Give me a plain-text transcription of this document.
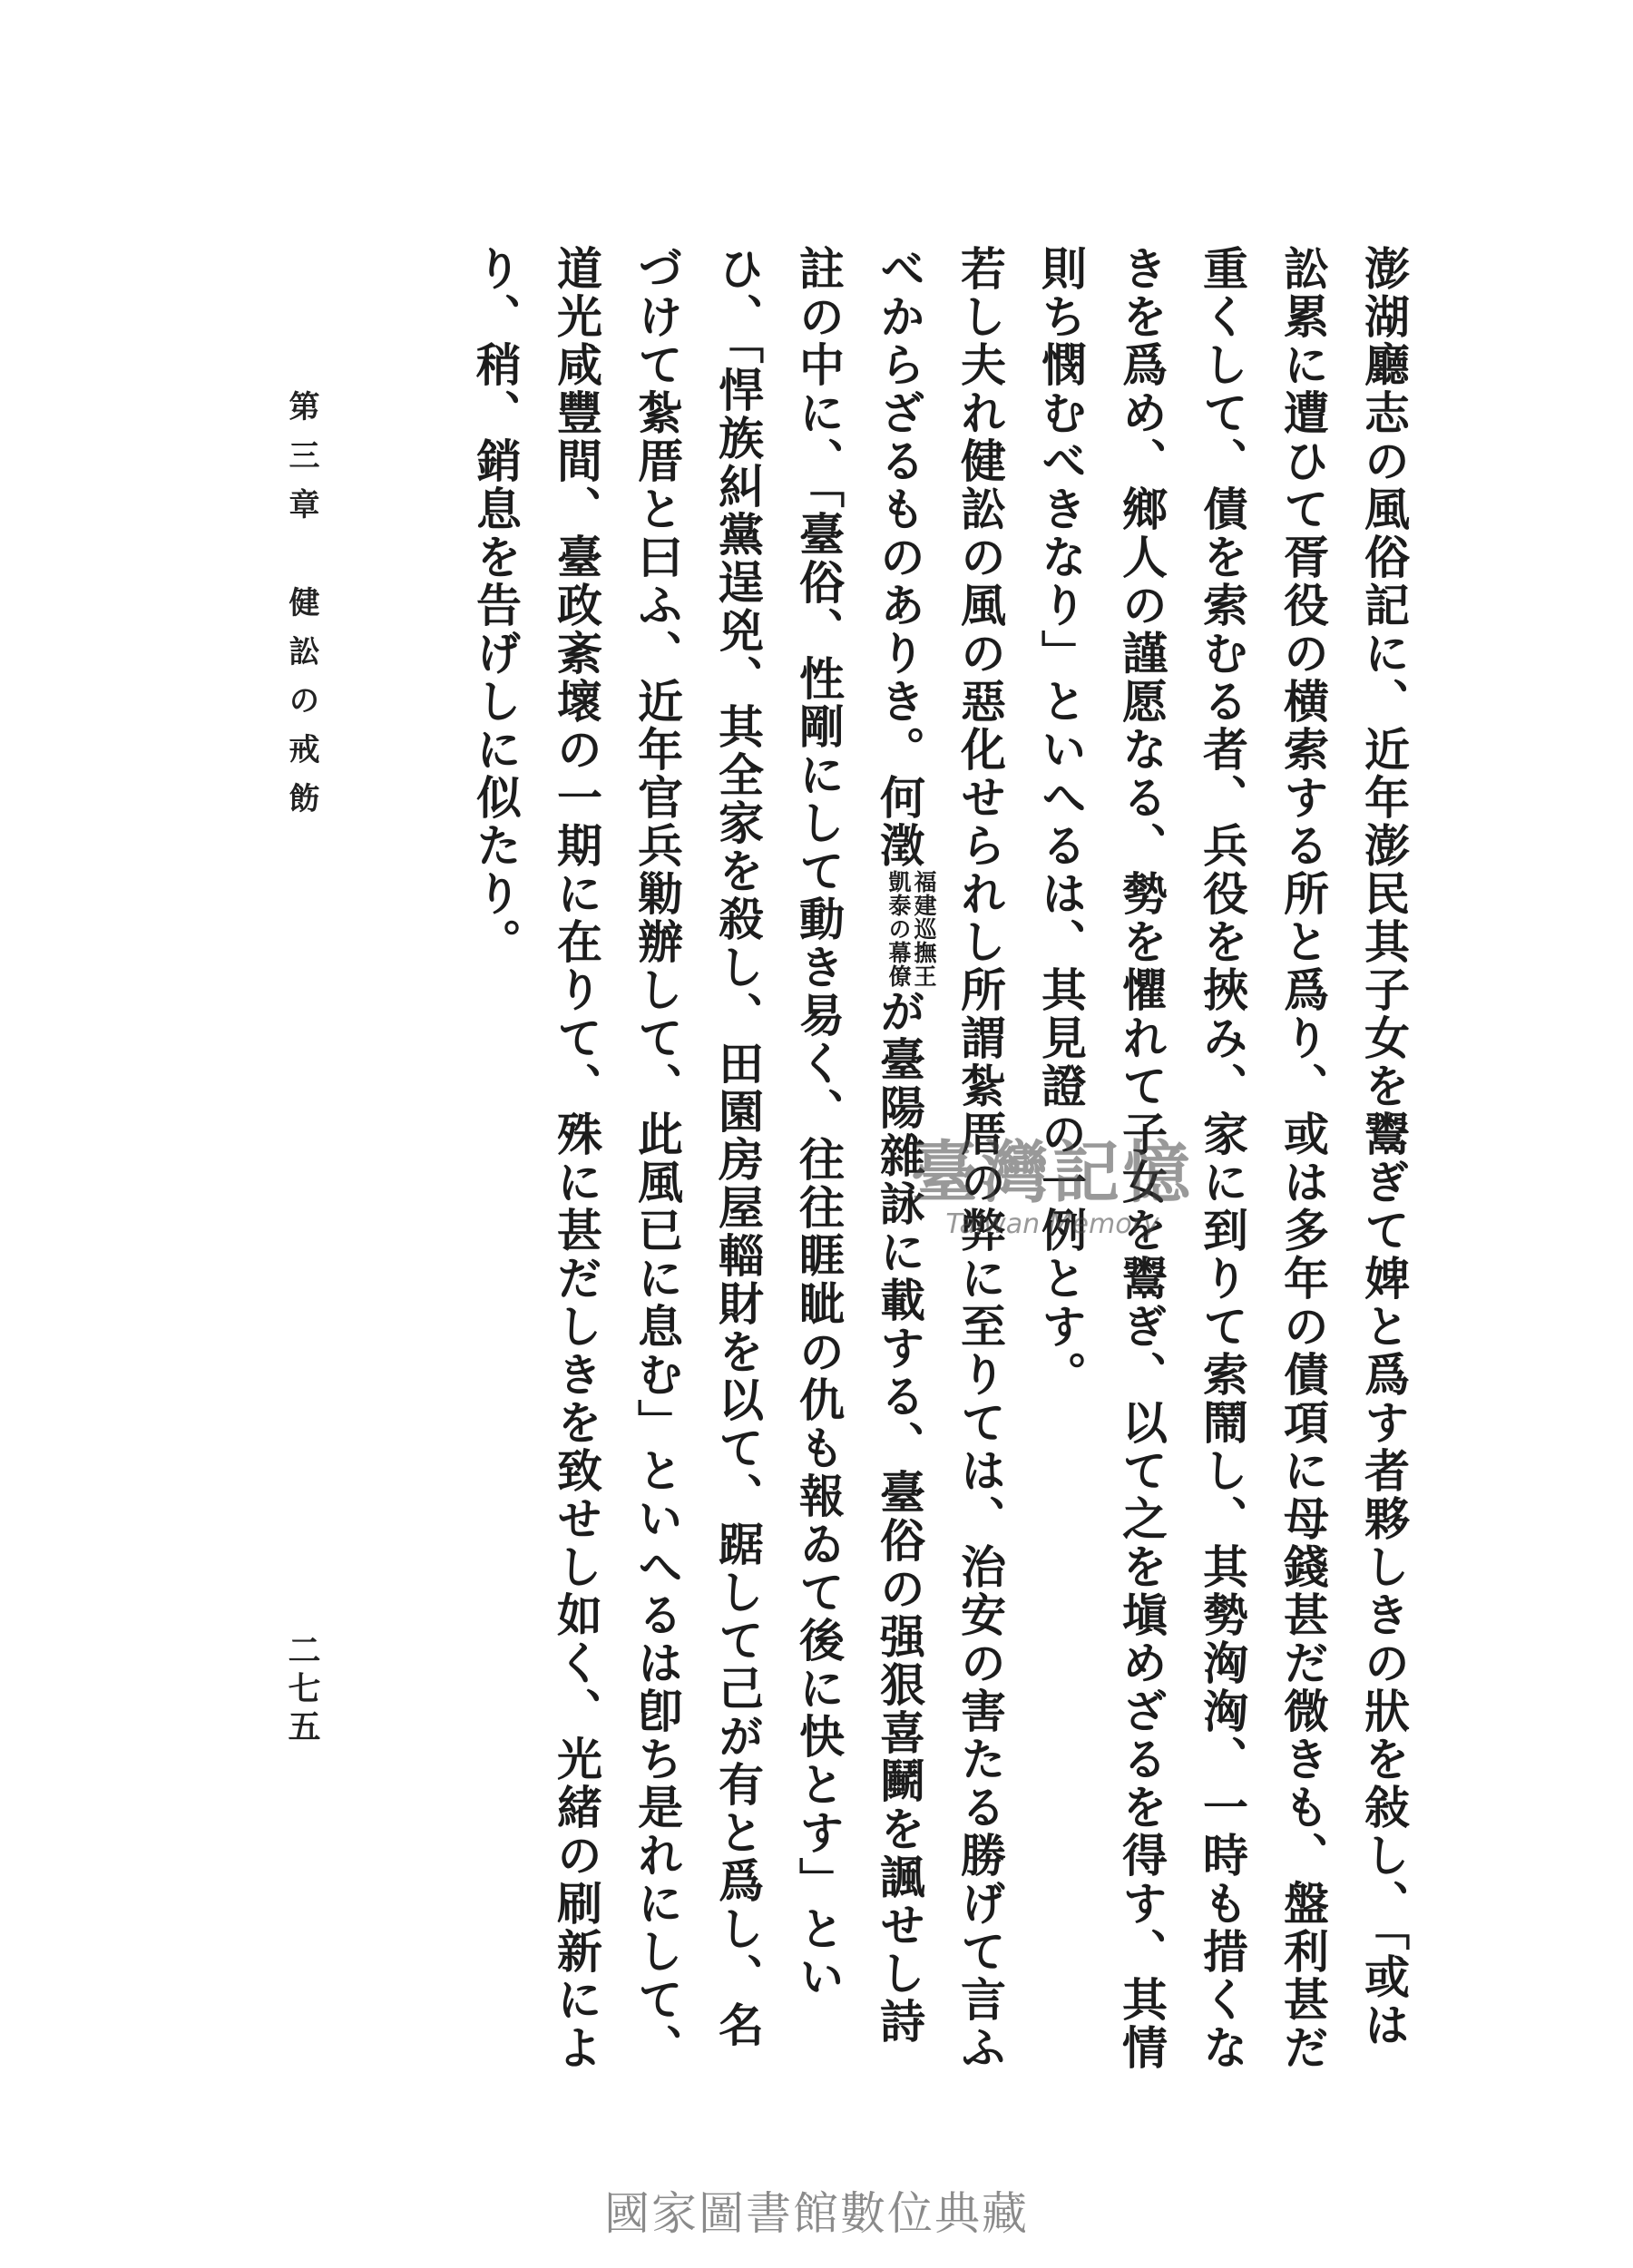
澎湖廳志の風俗記に、近年澎民其子女を鬻ぎて婢と爲す者夥しきの狀を敍し、「或は訟累に遭ひて胥役の横索する所と爲り、或は多年の債項に母錢甚だ微きも、盤利甚だ重くして、債を索むる者、兵役を挾み、家に到りて索鬧し、其勢洶洶、一時も措くなきを爲め、鄉人の謹愿なる、勢を懼れて子女を鬻ぎ、以て之を塡めざるを得す、其情則ち憫むべきなり」といへるは、其見證の一例とす。

若し夫れ健訟の風の惡化せられし所謂紮厝の弊に至りては、治安の害たる勝げて言ふべからざるものありき。何澂
福建巡撫王
凱泰の幕僚
が臺陽雜詠に載する、臺俗の强狠喜鬭を諷せし詩註の中に、「臺俗、性剛にして動き易く、往往睚眦の仇も報ゐて後に快とす」といひ、「悍族糾黨逞兇、其全家を殺し、田園房屋輜財を以て、踞して己が有と爲し、名づけて紮厝と曰ふ、近年官兵勦辦して、此風已に息む」といへるは卽ち是れにして、道光咸豐間、臺政紊壞の一期に在りて、殊に甚だしきを致せし如く、光緒の刷新により、稍、銷息を告げしに似たり。

第三章　健訟の戒飭
二七五
臺灣記憶
Taiwan Memory
國家圖書館數位典藏
